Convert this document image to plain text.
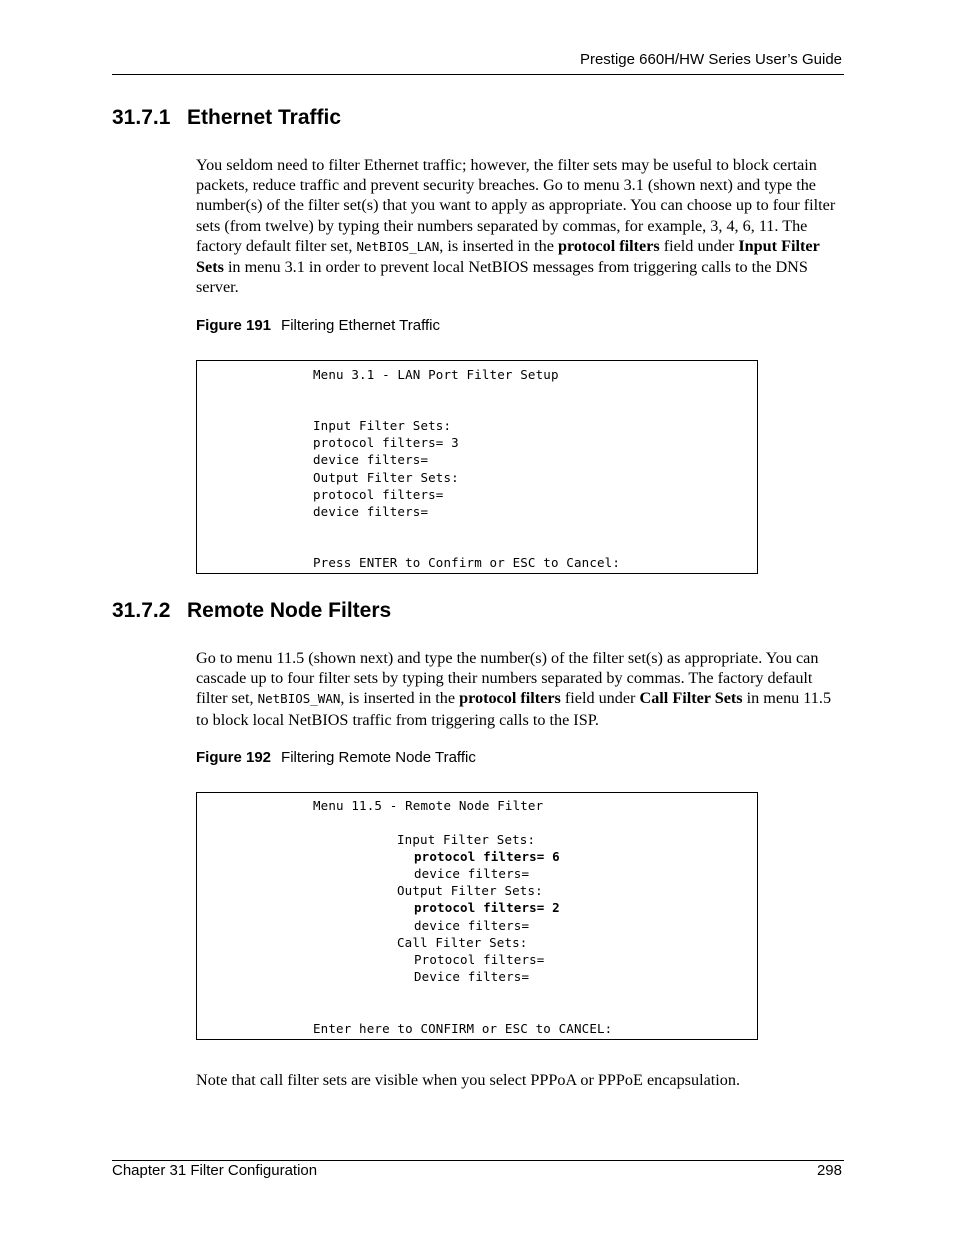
Prestige 660H/HW Series User’s Guide
31.7.1 Ethernet Traffic

You seldom need to filter Ethernet traffic; however, the filter sets may be useful to block certain packets, reduce traffic and prevent security breaches. Go to menu 3.1 (shown next) and type the number(s) of the filter set(s) that you want to apply as appropriate. You can choose up to four filter sets (from twelve) by typing their numbers separated by commas, for example, 3, 4, 6, 11. The factory default filter set, NetBIOS_LAN, is inserted in the protocol filters field under Input Filter Sets in menu 3.1 in order to prevent local NetBIOS messages from triggering calls to the DNS server.

Figure 191 Filtering Ethernet Traffic

Menu 3.1 - LAN Port Filter Setup
Input Filter Sets:
protocol filters= 3
device filters=
Output Filter Sets:
protocol filters=
device filters=
Press ENTER to Confirm or ESC to Cancel:
31.7.2 Remote Node Filters

Go to menu 11.5 (shown next) and type the number(s) of the filter set(s) as appropriate. You can cascade up to four filter sets by typing their numbers separated by commas. The factory default filter set, NetBIOS_WAN, is inserted in the protocol filters field under Call Filter Sets in menu 11.5 to block local NetBIOS traffic from triggering calls to the ISP.

Figure 192 Filtering Remote Node Traffic

Menu 11.5 - Remote Node Filter
Input Filter Sets:
protocol filters= 6
device filters=
Output Filter Sets:
protocol filters= 2
device filters=
Call Filter Sets:
Protocol filters=
Device filters=
Enter here to CONFIRM or ESC to CANCEL:

Note that call filter sets are visible when you select PPPoA or PPPoE encapsulation.

Chapter 31 Filter Configuration	298
